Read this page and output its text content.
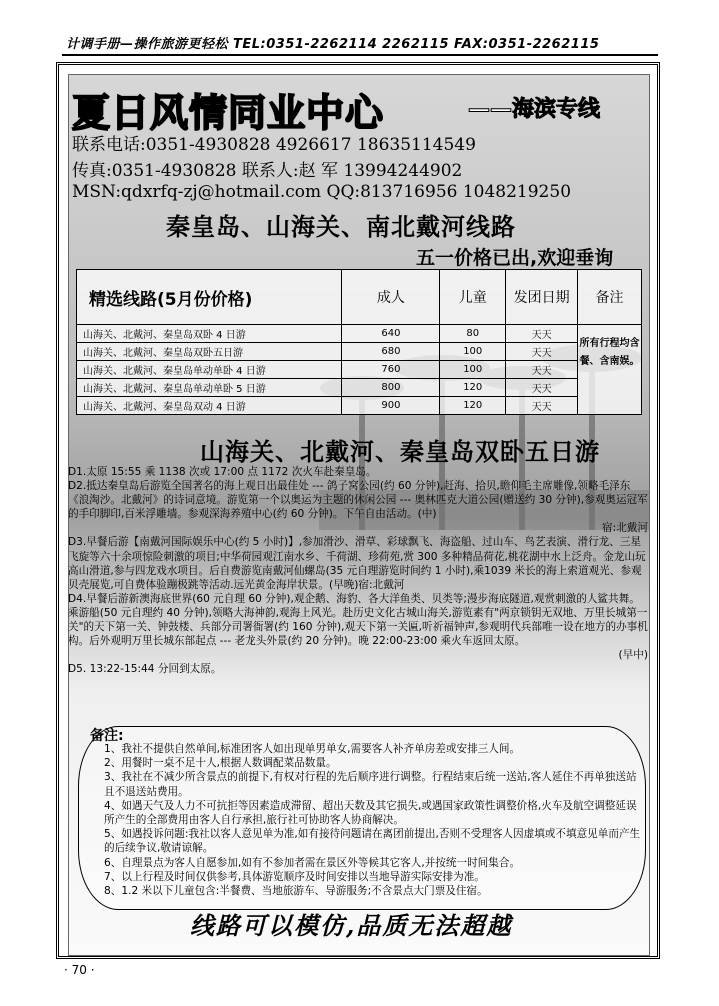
计调手册—操作旅游更轻松 TEL:0351-2262114 2262115 FAX:0351-2262115
夏日风情同业中心	——海滨专线
联系电话:0351-4930828 4926617 18635114549
传真:0351-4930828 联系人:赵 军 13994244902
MSN:qdxrfq-zj@hotmail.com QQ:813716956 1048219250
秦皇岛、山海关、南北戴河线路
五一价格已出,欢迎垂询
精选线路(5月份价格)	成人	儿童	发团日期	备注
山海关、北戴河、秦皇岛双卧 4 日游	640	80	天天	所有行程均含餐、含南娱。
山海关、北戴河、秦皇岛双卧五日游	680	100	天天	
山海关、北戴河、秦皇岛单动单卧 4 日游	760	100	天天	
山海关、北戴河、秦皇岛单动单卧 5 日游	800	120	天天	
山海关、北戴河、秦皇岛双动 4 日游	900	120	天天	
山海关、北戴河、秦皇岛双卧五日游

D1.太原 15:55 乘 1138 次或 17:00 点 1172 次火车赴秦皇岛。

D2.抵达秦皇岛后游览全国著名的海上观日出最佳处 --- 鸽子窝公园(约 60 分钟),赶海、拾贝,瞻仰毛主席雕像,领略毛泽东《浪淘沙。北戴河》的诗词意境。游览第一个以奥运为主题的休闲公园 --- 奥林匹克大道公园(赠送约 30 分钟),参观奥运冠军的手印脚印,百米浮雕墙。参观深海养殖中心(约 60 分钟)。下午自由活动。(中)

宿:北戴河

D3.早餐后游【南戴河国际娱乐中心(约 5 小时)】,参加滑沙、滑草、彩球飘飞、海盗船、过山车、鸟艺表演、滑行龙、三星飞旋等六十余项惊险刺激的项目;中华荷园观江南水乡、千荷湖、珍荷苑,赏 300 多种精品荷花,桃花湖中水上泛舟。金龙山玩高山滑道,参与四龙戏水项目。后自费游览南戴河仙螺岛(35 元自理游览时间约 1 小时),乘1039 米长的海上索道观光、参观贝壳展览,可自费体验蹦极跳等活动.远光黄金海岸状景。(早晚)宿:北戴河

D4.早餐后游新澳海底世界(60 元自理 60 分钟),观企鹅、海豹、各大洋鱼类、贝类等;漫步海底隧道,观赏刺激的人鲨共舞。乘游船(50 元自理约 40 分钟),领略大海神韵,观海上风光。赴历史文化古城山海关,游览素有"两京锁钥无双地、万里长城第一关"的天下第一关、钟鼓楼、兵部分司署衙署(约 160 分钟),观天下第一关匾,听祈福钟声,参观明代兵部唯一设在地方的办事机构。后外观明万里长城东部起点 --- 老龙头外景(约 20 分钟)。晚 22:00-23:00 乘火车返回太原。

(早中)

D5. 13:22-15:44 分回到太原。

备注:

1、我社不提供自然单间,标准团客人如出现单男单女,需要客人补齐单房差或安排三人间。

2、用餐时一桌不足十人,根据人数调配菜品数量。

3、我社在不减少所含景点的前提下,有权对行程的先后顺序进行调整。行程结束后统一送站,客人延住不再单独送站且不退送站费用。

4、如遇天气及人力不可抗拒等因素造成滞留、超出天数及其它损失,或遇国家政策性调整价格,火车及航空调整延误所产生的全部费用由客人自行承担,旅行社可协助客人协商解决。

5、如遇投诉问题:我社以客人意见单为准,如有接待问题请在离团前提出,否则不受理客人因虚填或不填意见单而产生的后续争议,敬请谅解。

6、自理景点为客人自愿参加,如有不参加者需在景区外等候其它客人,并按统一时间集合。

7、以上行程及时间仅供参考,具体游览顺序及时间安排以当地导游实际安排为准。

8、1.2 米以下儿童包含:半餐费、当地旅游车、导游服务;不含景点大门票及住宿。

线路可以模仿,品质无法超越
· 70 ·
